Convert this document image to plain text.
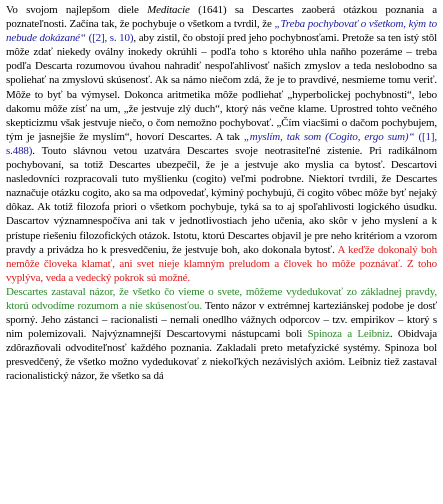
Vo svojom najlepšom diele Meditacie (1641) sa Descartes zaoberá otázkou poznania a poznateľnosti. Začína tak, že pochybuje o všetkom a tvrdil, že „Treba pochybovať o všetkom, kým to nebude dokázané“ ([2], s. 10), aby zistil, čo obstojí pred jeho pochybnosťami. Pretože sa ten istý stôl môže zdať niekedy oválny inokedy okrúhli – podľa toho s ktorého uhla naňho pozeráme – treba podľa Descarta rozumovou úvahou nahradiť nespoľahlivosť našich zmyslov a teda neslobodno sa spoliehať na zmyslovú skúsenosť. Ak sa námo niečom zdá, že je to pravdivé, nesmieme tomu veriť. Môže to byť ba výmysel. Dokonca aritmetika môže podliehať „hyperbolickej pochybnosti“, lebo dakomu môže zísť na um, „že jestvuje zlý duch“, ktorý nás večne klame. Uprostred tohto večného skepticizmu však jestvuje niečo, o čom nemožno pochybovať. „Čím viacšimi o dačom pochybujem, tým je jasnejšie že myslím“, hovorí Descartes. A tak „myslím, tak som (Cogito, ergo sum)“ ([1], s.488). Touto slávnou vetou uzatvára Descartes svoje neotrasiteľné zistenie. Pri radikálnom pochybovaní, sa totiž Descartes ubezpečil, že je a jestvuje ako myslia ca bytosť. Descartovi nasledovníci rozpracovali tuto myšlienku (cogito) veľmi podrobne. Niektorí tvrdili, že Descartes naznačuje otázku cogito, ako sa ma odpovedať, kýminý pochybujú, či cogito vôbec môže byť nejaký dôkaz. Ak totiž filozofa priori o všetkom pochybuje, tyká sa to aj spoľahlivosti logického úsudku. Dascartov významnespočíva ani tak v jednotlivostiach jeho učenia, ako skôr v jeho myslení a k prístupe riešeniu filozofických otázok. Istotu, ktorú Descartes objavil je pre neho kritériom a vzorom pravdy a privádza ho k presvedčeniu, že jestvuje boh, ako dokonala bytosť. A keďže dokonalý boh nemôže človeka klamať, ani svet nieje klamným preludom a človek ho môže poznávať. Z toho vyplýva, veda a vedecký pokrok sú možné.

Descartes zastaval názor, že všetko čo vieme o svete, môžeme vydedukovať zo základnej pravdy, ktorú odvodíme rozumom a nie skúsenosťou. Tento názor v extrémnej karteziánskej podobe je dosť sporný. Jeho zástanci – racionalisti – nemali onedlho vážnych odporcov – tzv. empirikov – ktorý s nim polemizovali. Najvýznamnejší Descartovymi nástupcami boli Spinoza a Leibniz. Obidvaja zdôrazňovali odvoditeľnosť každého poznania. Zakladali preto metafyzické systémy. Spinoza bol presvedčený, že všetko možno vydedukovať z niekoľkých nezávislých axióm. Leibniz tiež zastaval racionalistický názor, že všetko sa dá
